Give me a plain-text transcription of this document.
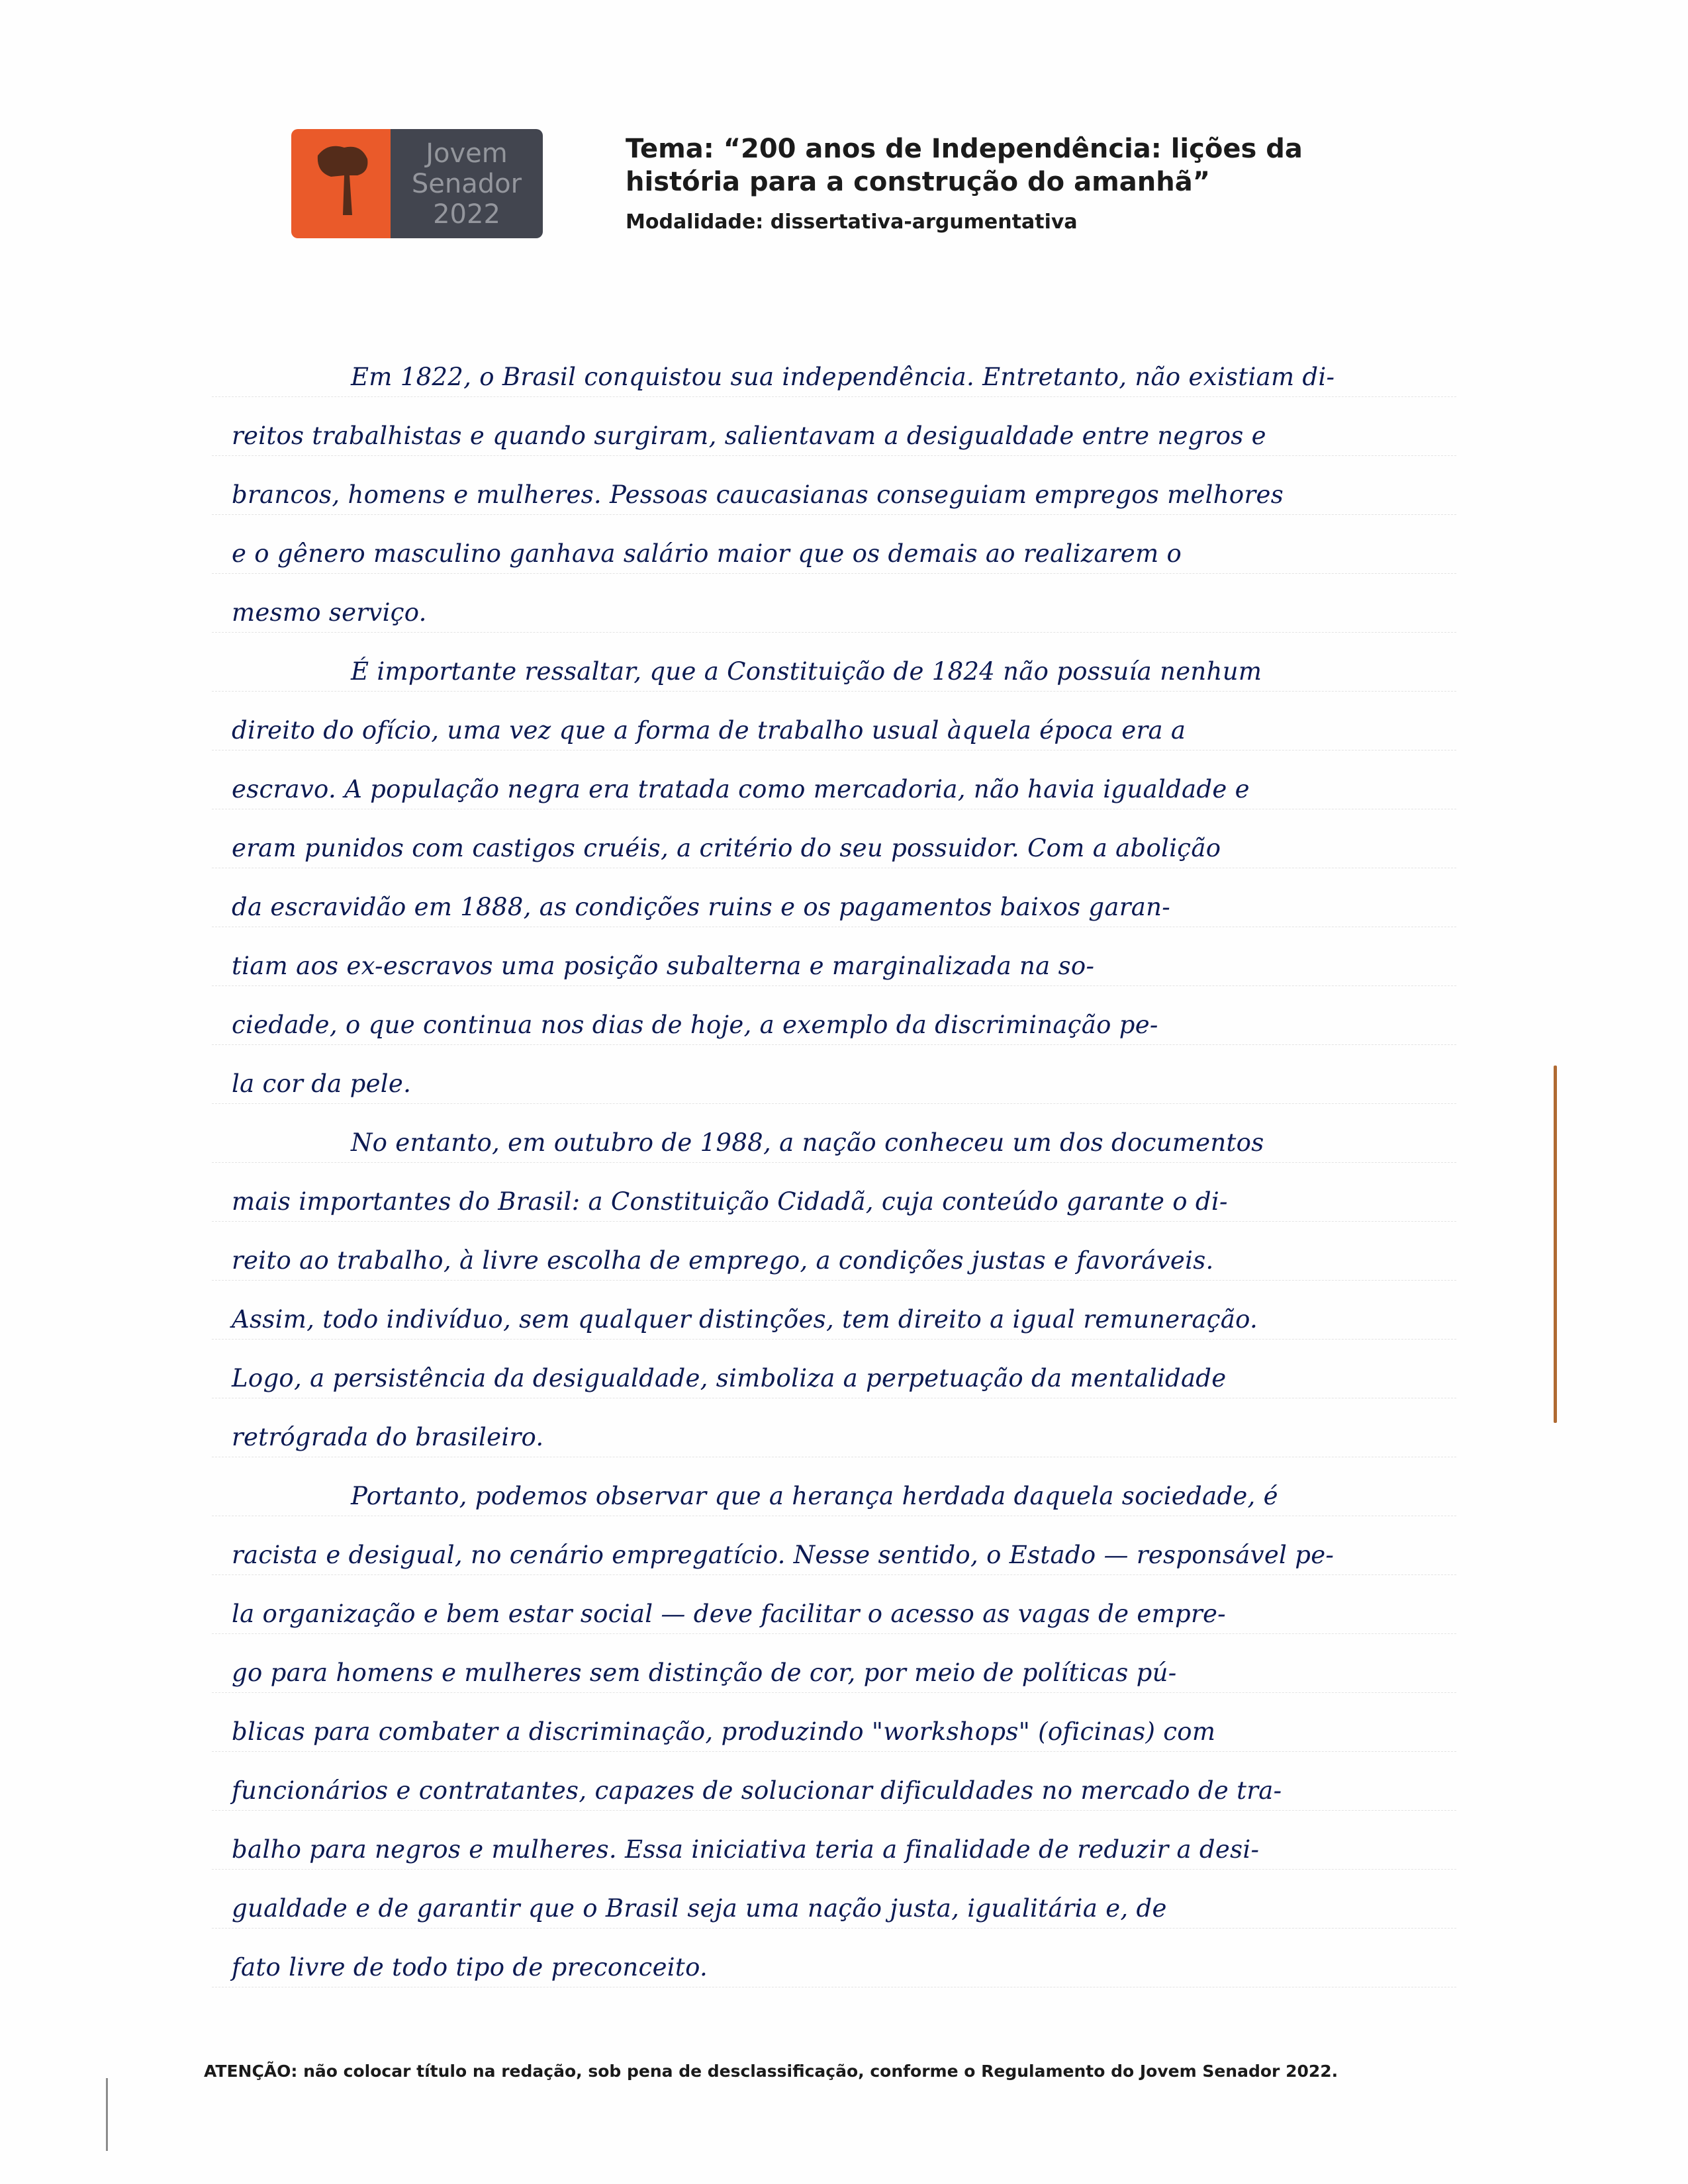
Jovem
Senador
2022
Tema: “200 anos de Independência: lições da história para a construção do amanhã”
Modalidade: dissertativa-argumentativa
Em 1822, o Brasil conquistou sua independência. Entretanto, não existiam di-
reitos trabalhistas e quando surgiram, salientavam a desigualdade entre negros e
brancos, homens e mulheres. Pessoas caucasianas conseguiam empregos melhores
e o gênero masculino ganhava salário maior que os demais ao realizarem o
mesmo serviço.
É importante ressaltar, que a Constituição de 1824 não possuía nenhum
direito do ofício, uma vez que a forma de trabalho usual àquela época era a
escravo. A população negra era tratada como mercadoria, não havia igualdade e
eram punidos com castigos cruéis, a critério do seu possuidor. Com a abolição
da escravidão em 1888, as condições ruins e os pagamentos baixos garan-
tiam aos ex-escravos uma posição subalterna e marginalizada na so-
ciedade, o que continua nos dias de hoje, a exemplo da discriminação pe-
la cor da pele.
No entanto, em outubro de 1988, a nação conheceu um dos documentos
mais importantes do Brasil: a Constituição Cidadã, cuja conteúdo garante o di-
reito ao trabalho, à livre escolha de emprego, a condições justas e favoráveis.
Assim, todo indivíduo, sem qualquer distinções, tem direito a igual remuneração.
Logo, a persistência da desigualdade, simboliza a perpetuação da mentalidade
retrógrada do brasileiro.
Portanto, podemos observar que a herança herdada daquela sociedade, é
racista e desigual, no cenário empregatício. Nesse sentido, o Estado — responsável pe-
la organização e bem estar social — deve facilitar o acesso as vagas de empre-
go para homens e mulheres sem distinção de cor, por meio de políticas pú-
blicas para combater a discriminação, produzindo "workshops" (oficinas) com
funcionários e contratantes, capazes de solucionar dificuldades no mercado de tra-
balho para negros e mulheres. Essa iniciativa teria a finalidade de reduzir a desi-
gualdade e de garantir que o Brasil seja uma nação justa, igualitária e, de
fato livre de todo tipo de preconceito.
ATENÇÃO: não colocar título na redação, sob pena de desclassificação, conforme o Regulamento do Jovem Senador 2022.
